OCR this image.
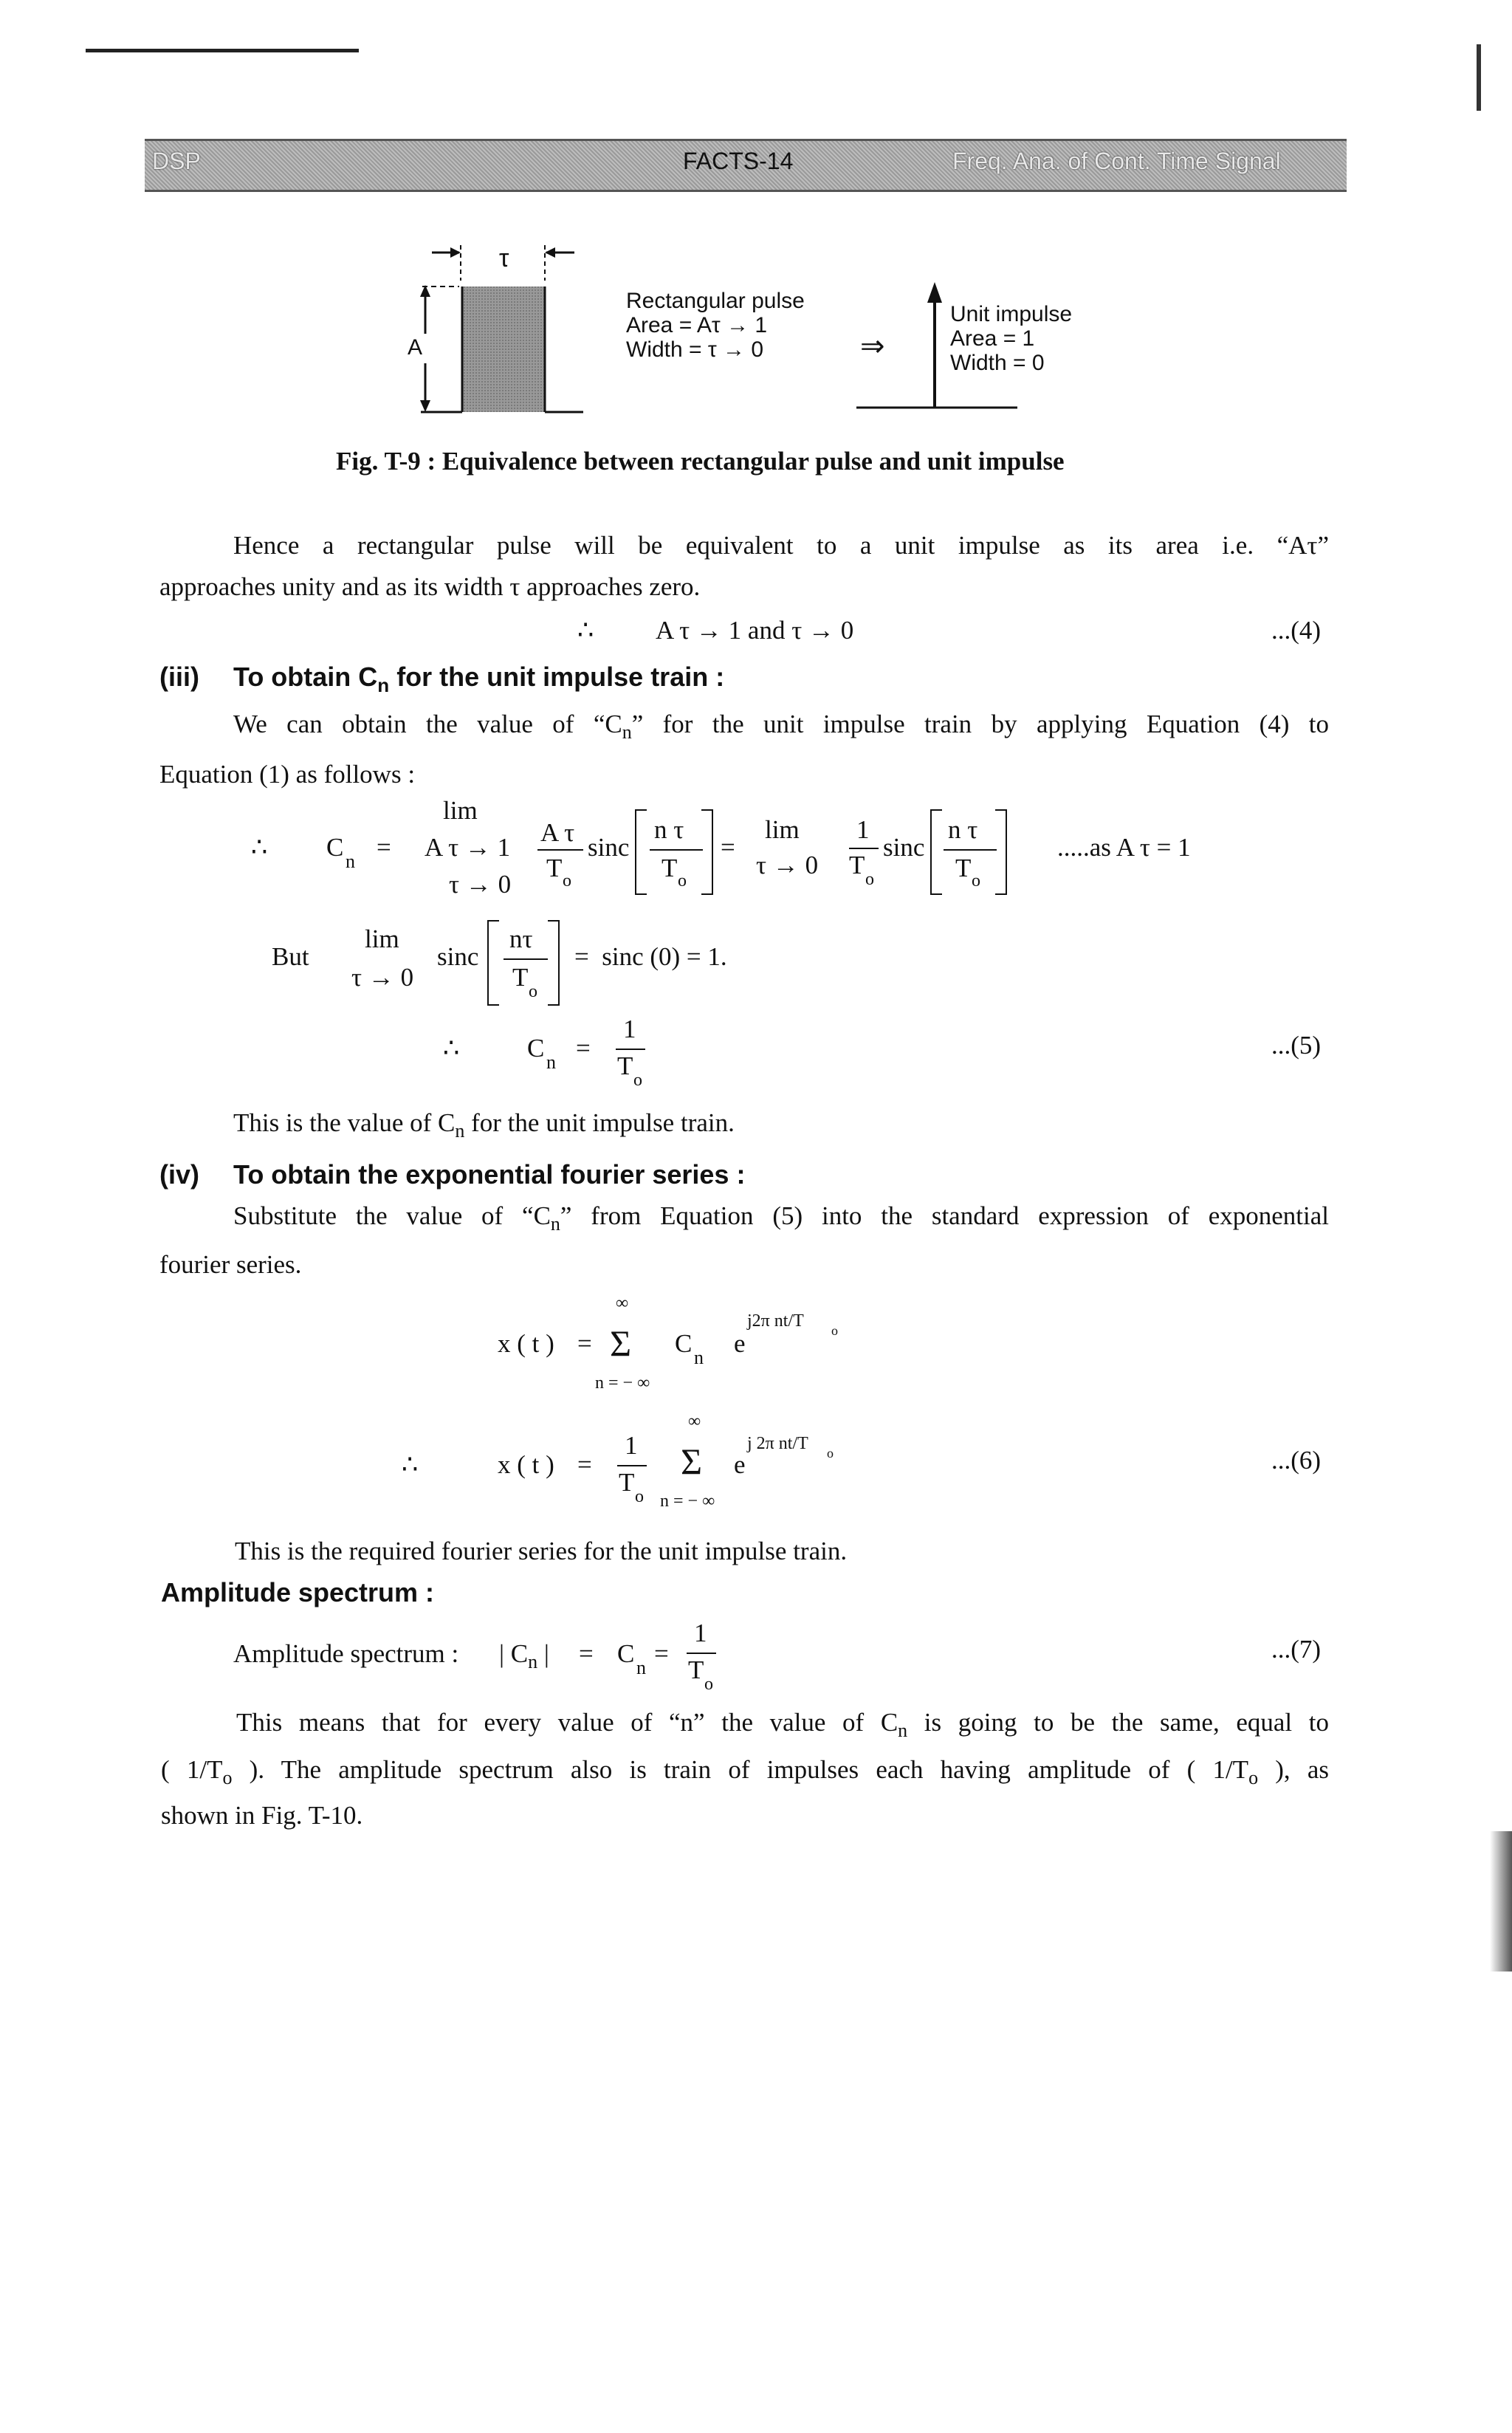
DSP	FACTS-14	Freq. Ana. of Cont. Time Signal
A
τ
Rectangular pulse
Area = Aτ → 1
Width = τ → 0	⇒
Unit impulse
Area = 1
Width = 0
Fig. T-9 : Equivalence between rectangular pulse and unit impulse
Hence a rectangular pulse will be equivalent to a unit impulse as its area i.e. “Aτ”
approaches unity and as its width τ approaches zero.
∴ A τ → 1 and τ → 0	...(4)
(iii) To obtain $C_n$ for the unit impulse train :
We can obtain the value of “$C_n$” for the unit impulse train by applying Equation (4) to
Equation (1) as follows :
∴ C n =
lim
A τ → 1
τ → 0
A τ
T o
sinc
n τ
T o
=
lim
τ → 0
1
T o
sinc
n τ
T o
.....as A τ = 1
But
lim
τ → 0
sinc
nτ
T o
=  sinc (0) = 1.
∴	C n =
1
T o
...(5)
This is the value of $C_n$ for the unit impulse train.
(iv) To obtain the exponential fourier series :
Substitute the value of “$C_n$” from Equation (5) into the standard expression of exponential
fourier series.
x ( t ) =
∞
Σ
n = − ∞
C n e
j2π nt/T o
∴	x ( t ) =
1
T o
∞
Σ
n = − ∞
e
j 2π nt/T o	...(6)
This is the required fourier series for the unit impulse train.
Amplitude spectrum :
Amplitude spectrum : | $C_n$ | = C n =
1
T o
...(7)
This means that for every value of “n” the value of $C_n$ is going to be the same, equal to
( $1/T_o$ ). The amplitude spectrum also is train of impulses each having amplitude of ( $1/T_o$ ), as
shown in Fig. T-10.
